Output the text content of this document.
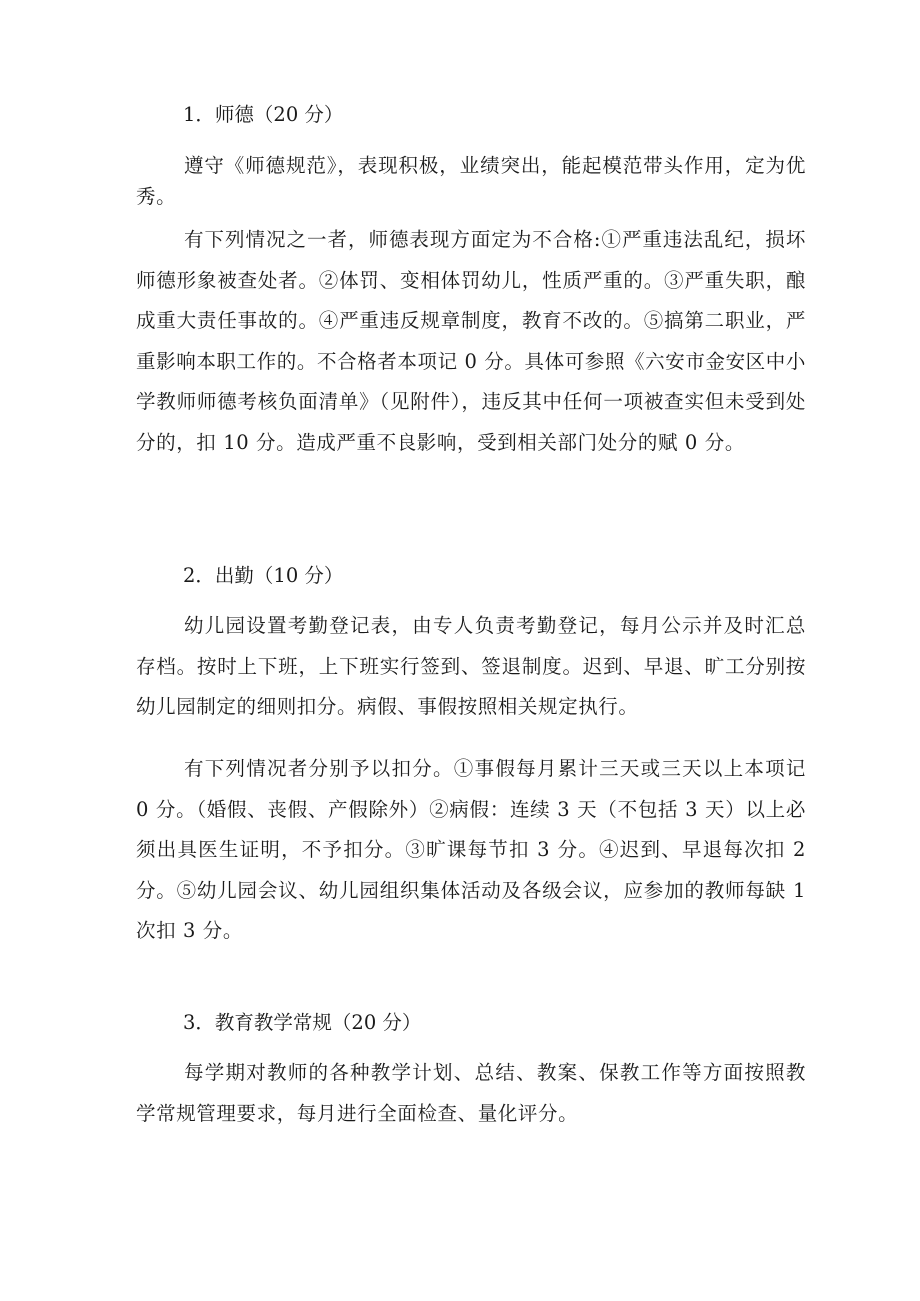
1．师德（20 分）
遵守《师德规范》，表现积极，业绩突出，能起模范带头作用，定为优秀。
有下列情况之一者，师德表现方面定为不合格:①严重违法乱纪，损坏师德形象被查处者。②体罚、变相体罚幼儿，性质严重的。③严重失职，酿成重大责任事故的。④严重违反规章制度，教育不改的。⑤搞第二职业，严重影响本职工作的。不合格者本项记 0 分。具体可参照《六安市金安区中小学教师师德考核负面清单》（见附件），违反其中任何一项被查实但未受到处分的，扣 10 分。造成严重不良影响，受到相关部门处分的赋 0 分。
2．出勤（10 分）
幼儿园设置考勤登记表，由专人负责考勤登记，每月公示并及时汇总存档。按时上下班，上下班实行签到、签退制度。迟到、早退、旷工分别按幼儿园制定的细则扣分。病假、事假按照相关规定执行。
有下列情况者分别予以扣分。①事假每月累计三天或三天以上本项记 0 分。（婚假、丧假、产假除外）②病假：连续 3 天（不包括 3 天）以上必须出具医生证明，不予扣分。③旷课每节扣 3 分。④迟到、早退每次扣 2 分。⑤幼儿园会议、幼儿园组织集体活动及各级会议，应参加的教师每缺 1 次扣 3 分。
3．教育教学常规（20 分）
每学期对教师的各种教学计划、总结、教案、保教工作等方面按照教学常规管理要求，每月进行全面检查、量化评分。
